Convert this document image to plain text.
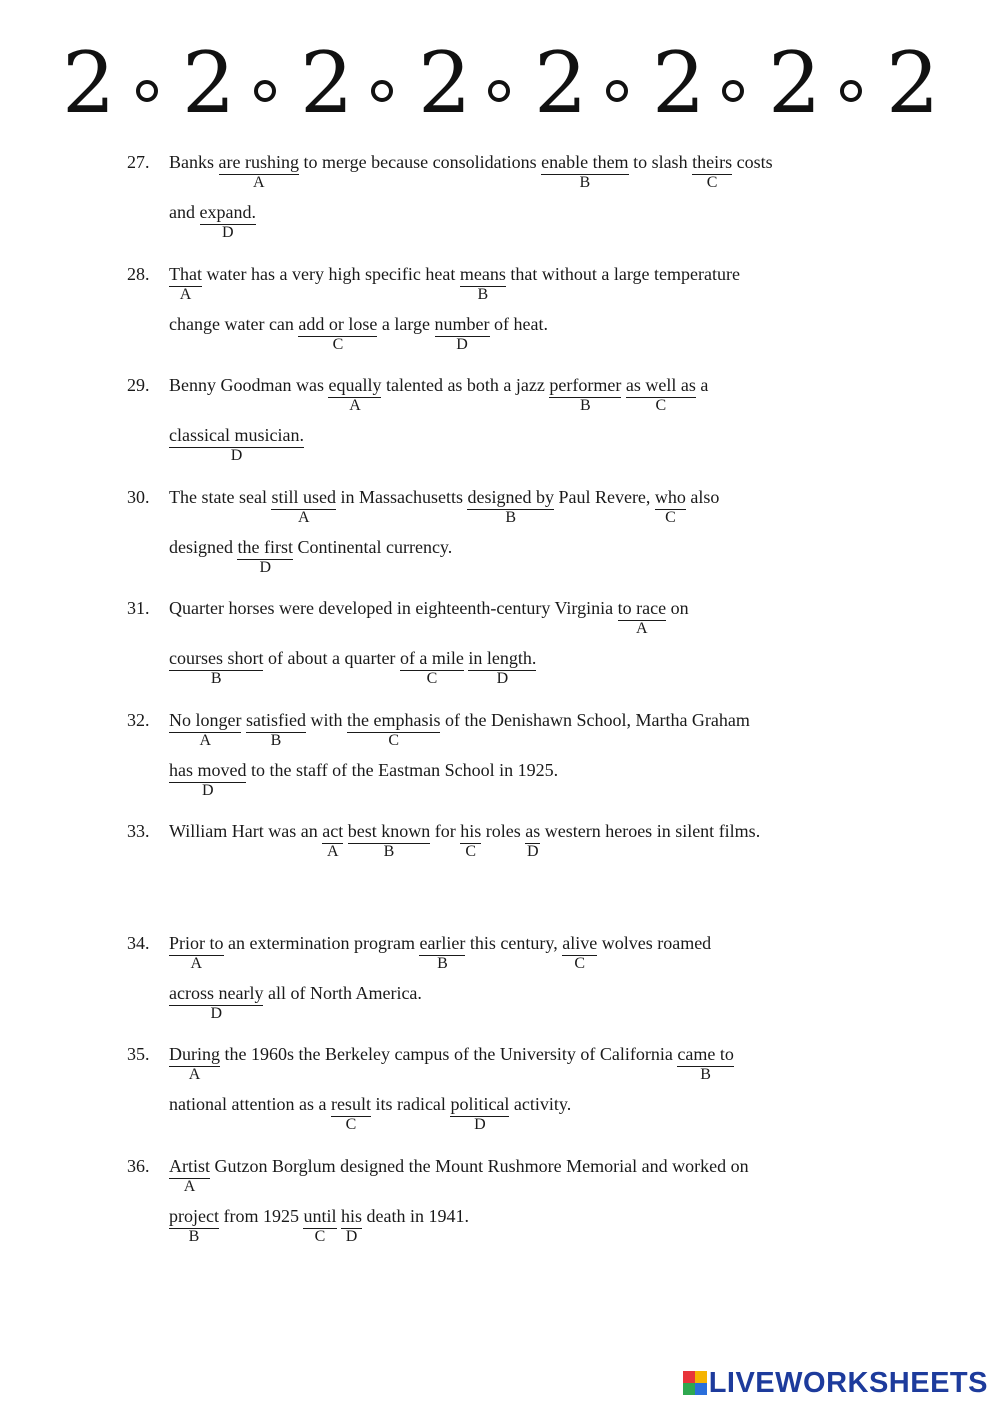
2 2 2 2 2 2 2 2
27. Banks are rushing
A
to merge because consolidations enable them
B
to slash theirs
C
costs
and expand.
D
28. That
A
water has a very high specific heat means
B
that without a large temperature
change water can add or lose
C
a large number
D
of heat.
29. Benny Goodman was equally
A
talented as both a jazz performer
B
as well as
C
a
classical musician.
D
30. The state seal still used
A
in Massachusetts designed by
B
Paul Revere, who
C
also
designed the first
D
Continental currency.
31. Quarter horses were developed in eighteenth-century Virginia to race
A
on
courses short
B
of about a quarter of a mile
C
in length.
D
32. No longer
A
satisfied
B
with the emphasis
C
of the Denishawn School, Martha Graham
has moved
D
to the staff of the Eastman School in 1925.
33. William Hart was an act
A
best known
B
for his
C
roles as
D
western heroes in silent films.
34. Prior to
A
an extermination program earlier
B
this century, alive
C
wolves roamed
across nearly
D
all of North America.
35. During
A
the 1960s the Berkeley campus of the University of California came to
B
national attention as a result
C
its radical political
D
activity.
36. Artist
A
Gutzon Borglum designed the Mount Rushmore Memorial and worked on
project
B
from 1925 until
C
his
D
death in 1941.
LIVEWORKSHEETS
